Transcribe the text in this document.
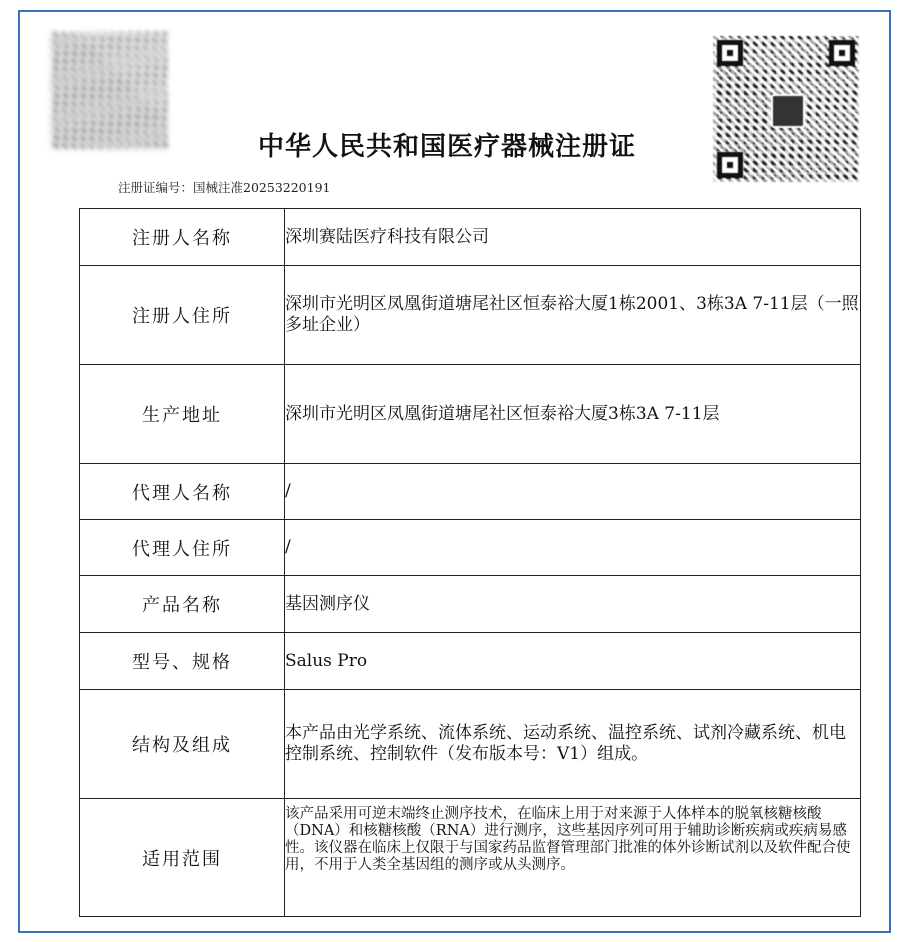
中华人民共和国医疗器械注册证
注册证编号：国械注准20253220191
注册人名称	深圳赛陆医疗科技有限公司
注册人住所	深圳市光明区凤凰街道塘尾社区恒泰裕大厦1栋2001、3栋3A 7-11层（一照多址企业）
生产地址	深圳市光明区凤凰街道塘尾社区恒泰裕大厦3栋3A 7-11层
代理人名称	/
代理人住所	/
产品名称	基因测序仪
型号、规格	Salus Pro
结构及组成	本产品由光学系统、流体系统、运动系统、温控系统、试剂冷藏系统、机电控制系统、控制软件（发布版本号：V1）组成。
适用范围	该产品采用可逆末端终止测序技术，在临床上用于对来源于人体样本的脱氧核糖核酸（DNA）和核糖核酸（RNA）进行测序，这些基因序列可用于辅助诊断疾病或疾病易感性。该仪器在临床上仅限于与国家药品监督管理部门批准的体外诊断试剂以及软件配合使用，不用于人类全基因组的测序或从头测序。
